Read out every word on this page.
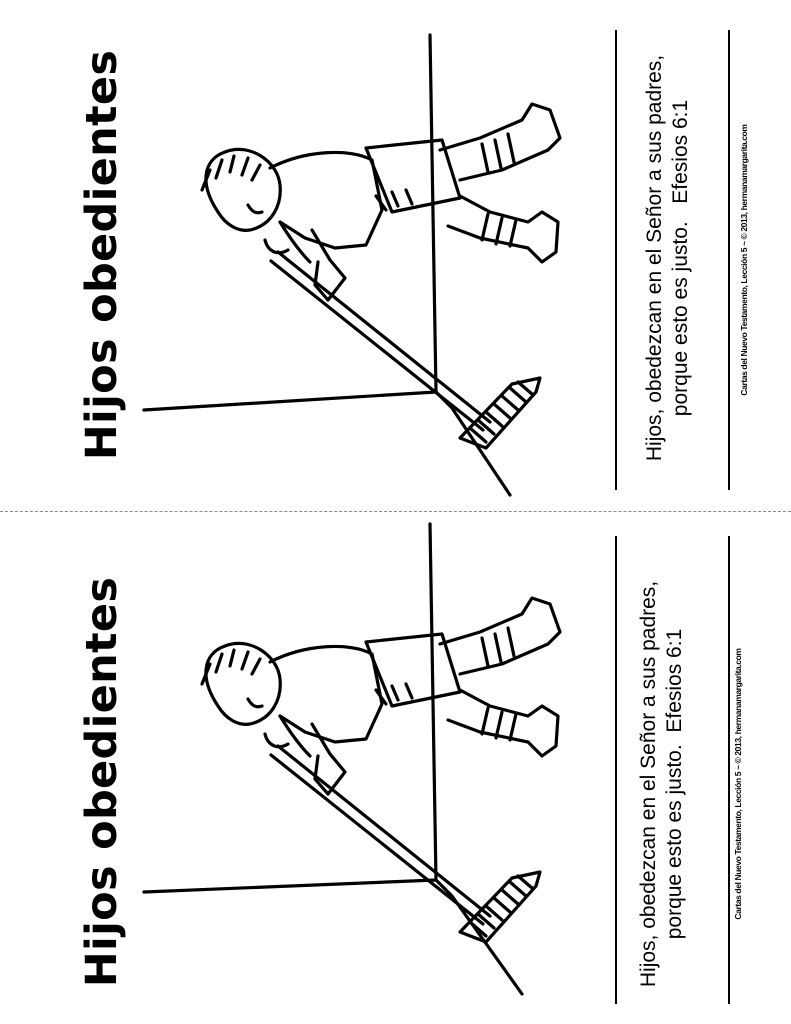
Hijos obedientes	Hijos, obedezcan en el Señor a sus padres, porque esto es justo.   Efesios 6:1	Cartas del Nuevo Testamento, Lección 5 ~ © 2013, hermanamargarita.com
Hijos obedientes	Hijos, obedezcan en el Señor a sus padres, porque esto es justo.  Efesios 6:1	Cartas del Nuevo Testamento, Lección 5 ~ © 2013, hermanamargarita.com
